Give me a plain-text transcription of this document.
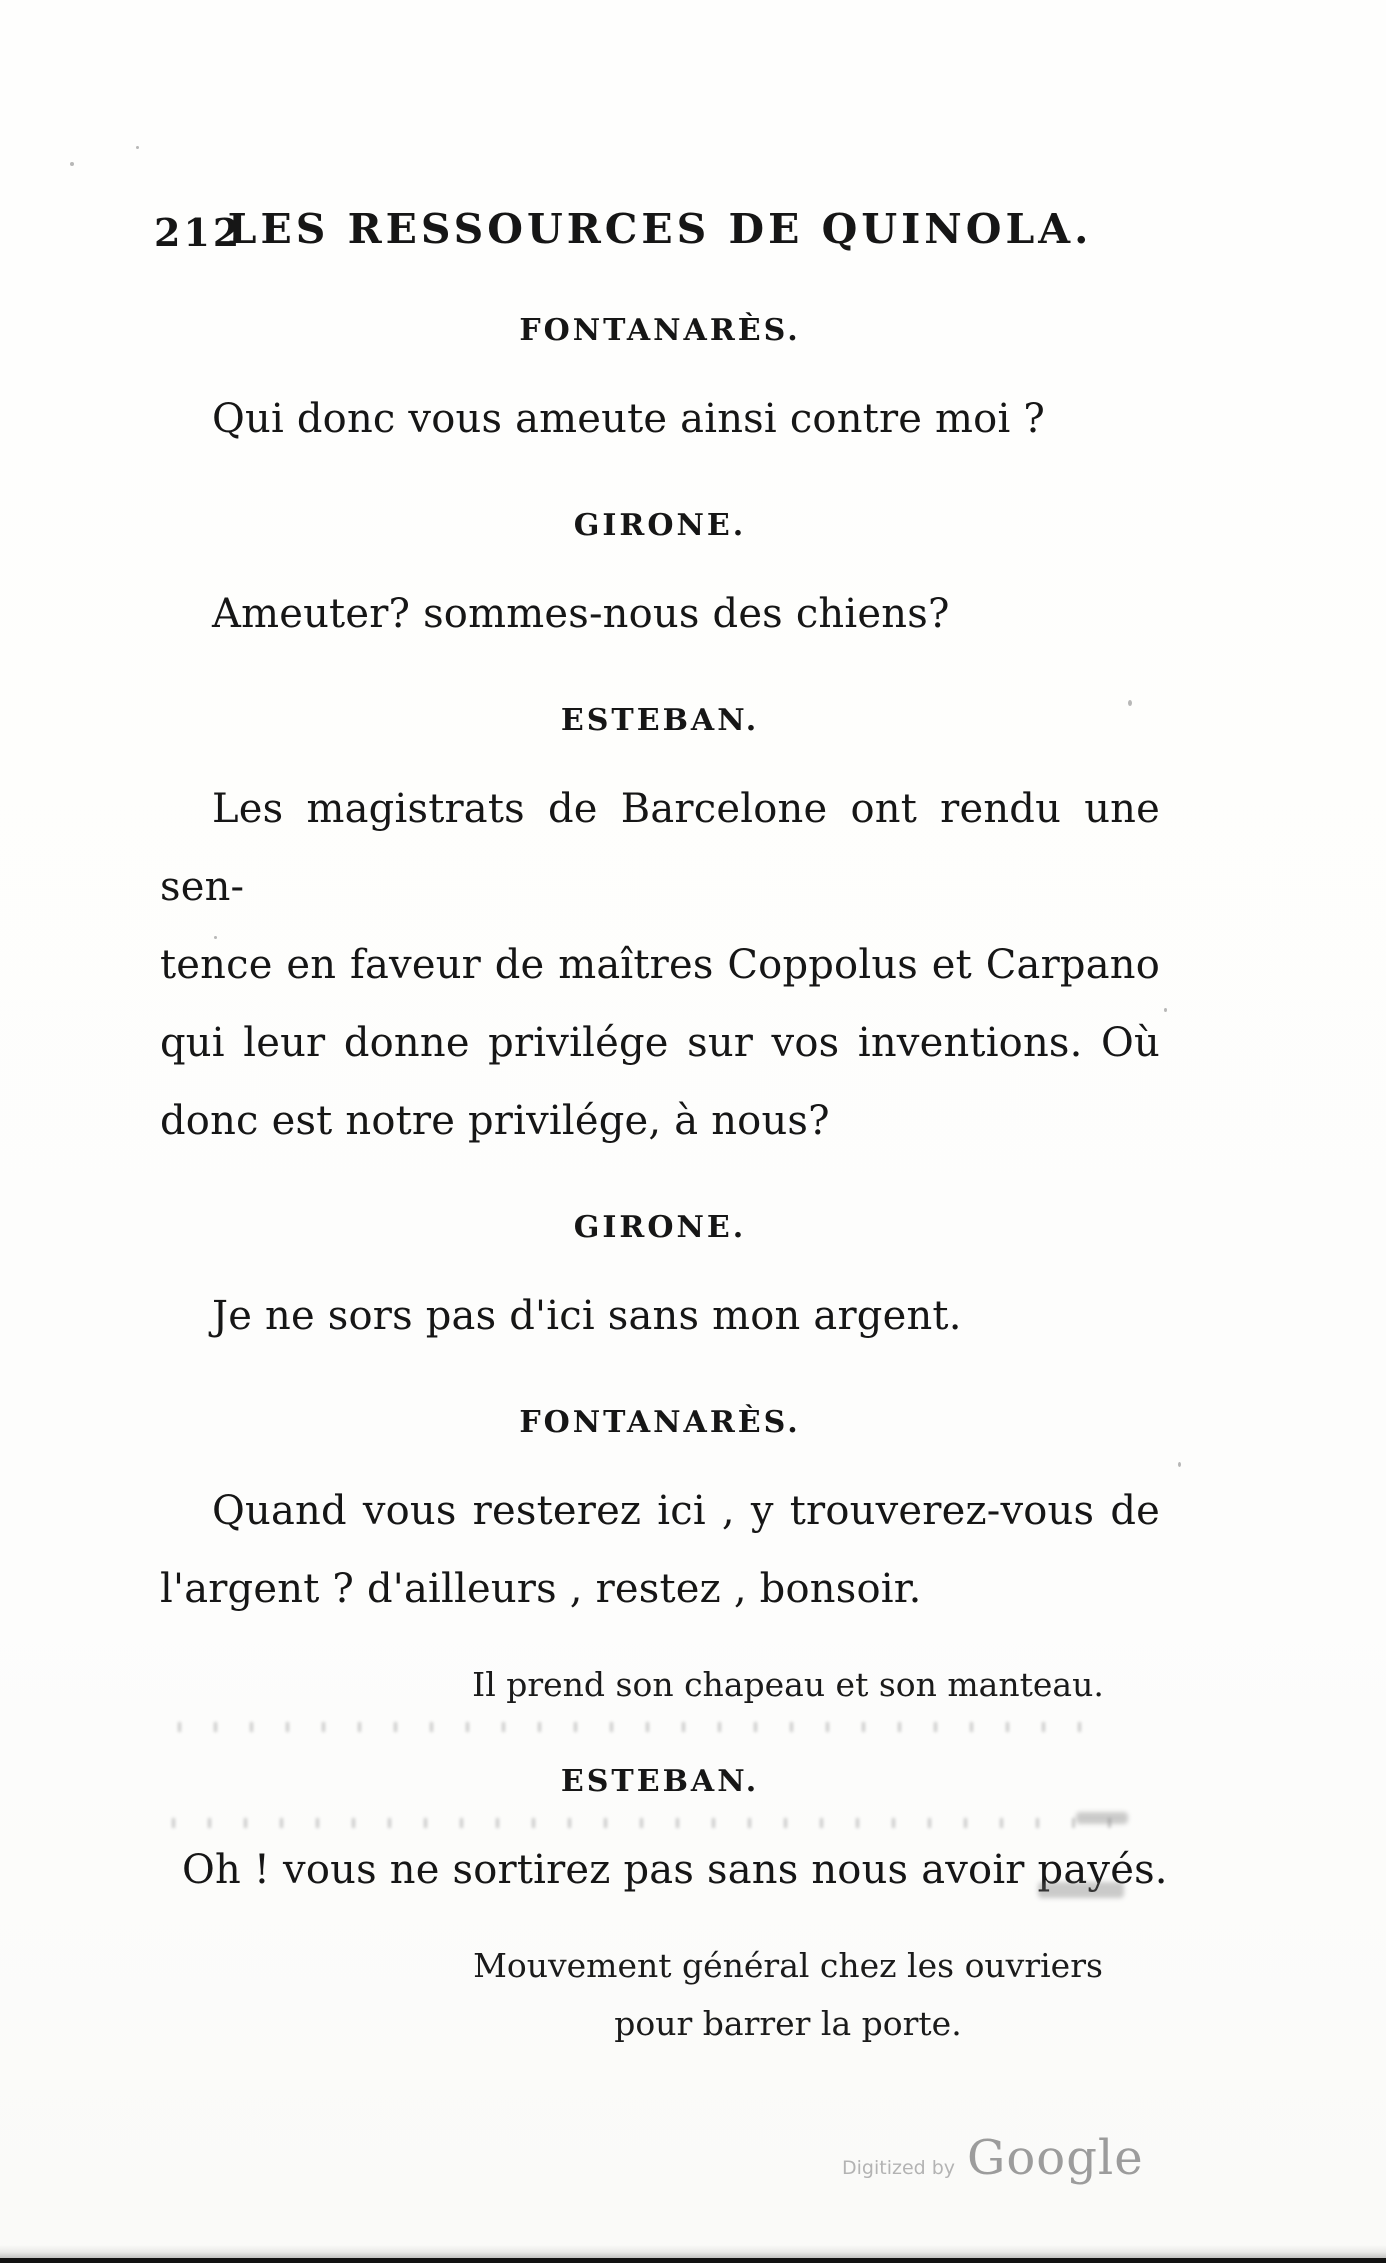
212
LES RESSOURCES DE QUINOLA.
FONTANARÈS.

Qui donc vous ameute ainsi contre moi ?

GIRONE.

Ameuter? sommes-nous des chiens?

ESTEBAN.

Les magistrats de Barcelone ont rendu une sen-
tence en faveur de maîtres Coppolus et Carpano
qui leur donne privilége sur vos inventions. Où
donc est notre privilége, à nous?

GIRONE.

Je ne sors pas d'ici sans mon argent.

FONTANARÈS.

Quand vous resterez ici , y trouverez-vous de
l'argent ? d'ailleurs , restez , bonsoir.

Il prend son chapeau et son manteau.
ESTEBAN.

Oh ! vous ne sortirez pas sans nous avoir payés.

Mouvement général chez les ouvriers
pour barrer la porte.
Digitized by Google
